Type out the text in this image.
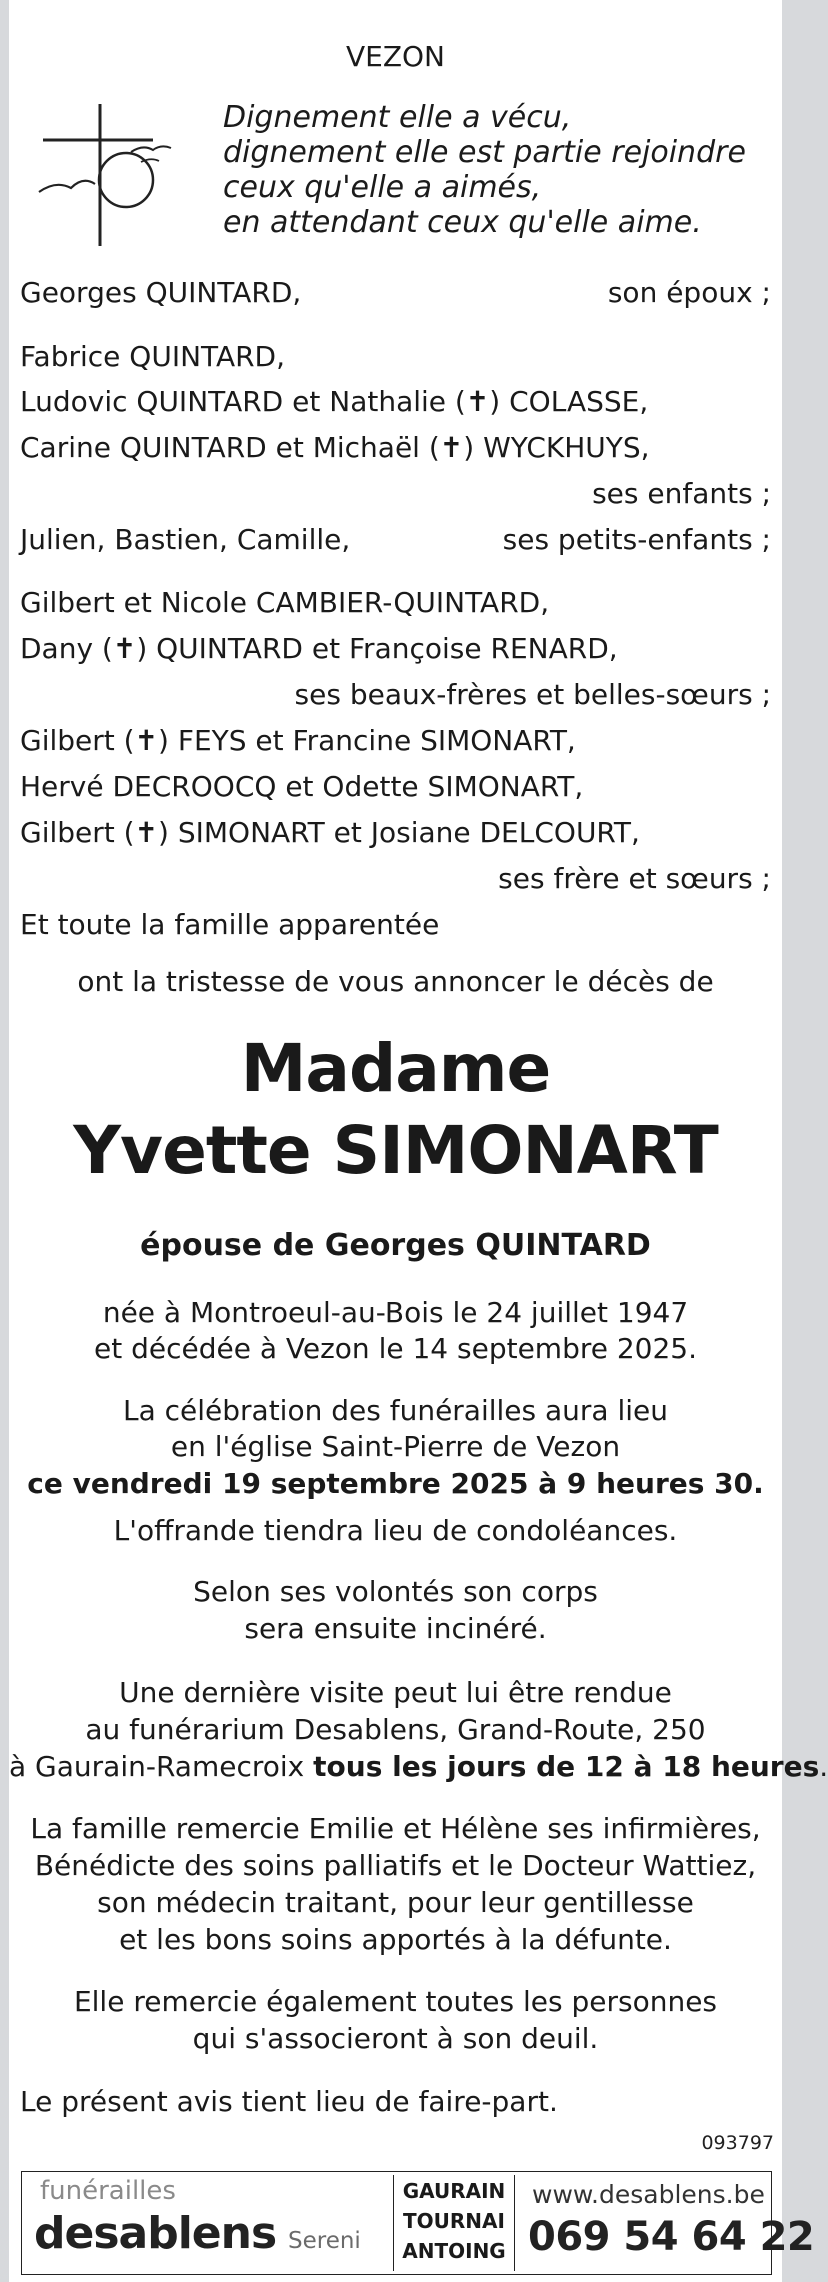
VEZON
Dignement elle a vécu,
dignement elle est partie rejoindre
ceux qu'elle a aimés,
en attendant ceux qu'elle aime.
Georges QUINTARD,	son époux ;
Fabrice QUINTARD,
Ludovic QUINTARD et Nathalie (✝) COLASSE,
Carine QUINTARD et Michaël (✝) WYCKHUYS,
ses enfants ;
Julien, Bastien, Camille,	ses petits-enfants ;
Gilbert et Nicole CAMBIER-QUINTARD,
Dany (✝) QUINTARD et Françoise RENARD,
ses beaux-frères et belles-sœurs ;
Gilbert (✝) FEYS et Francine SIMONART,
Hervé DECROOCQ et Odette SIMONART,
Gilbert (✝) SIMONART et Josiane DELCOURT,
ses frère et sœurs ;
Et toute la famille apparentée
ont la tristesse de vous annoncer le décès de
Madame
Yvette SIMONART
épouse de Georges QUINTARD
née à Montroeul-au-Bois le 24 juillet 1947
et décédée à Vezon le 14 septembre 2025.
La célébration des funérailles aura lieu
en l'église Saint-Pierre de Vezon
ce vendredi 19 septembre 2025 à 9 heures 30.
L'offrande tiendra lieu de condoléances.
Selon ses volontés son corps
sera ensuite incinéré.
Une dernière visite peut lui être rendue
au funérarium Desablens, Grand-Route, 250
à Gaurain-Ramecroix tous les jours de 12 à 18 heures.
La famille remercie Emilie et Hélène ses infirmières,
Bénédicte des soins palliatifs et le Docteur Wattiez,
son médecin traitant, pour leur gentillesse
et les bons soins apportés à la défunte.
Elle remercie également toutes les personnes
qui s'associeront à son deuil.
Le présent avis tient lieu de faire-part.
093797
funérailles
desablens Sereni
GAURAIN
TOURNAI
ANTOING
www.desablens.be
069 54 64 22
